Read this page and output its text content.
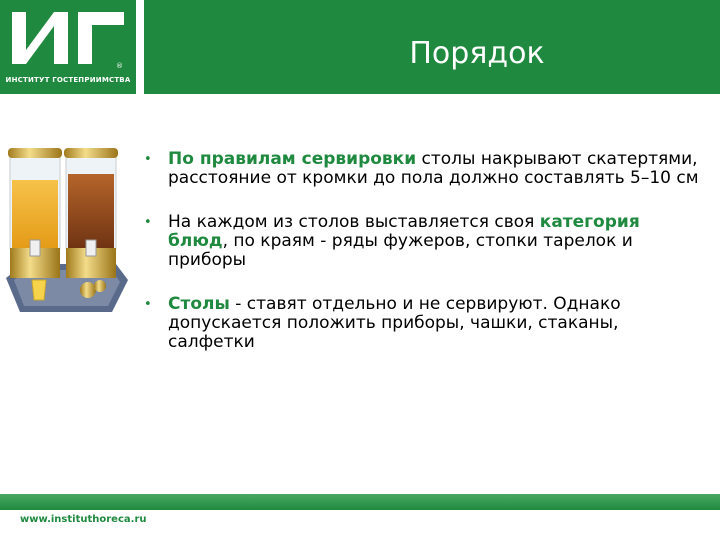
®
ИНСТИТУТ ГОСТЕПРИИМСТВА
Порядок
• По правилам сервировки столы накрывают скатертями, расстояние от кромки до пола должно составлять 5–10 см
• На каждом из столов выставляется своя категория блюд, по краям - ряды фужеров, стопки тарелок и приборы
• Столы - ставят отдельно и не сервируют. Однако допускается положить приборы, чашки, стаканы, салфетки
www.instituthoreca.ru
